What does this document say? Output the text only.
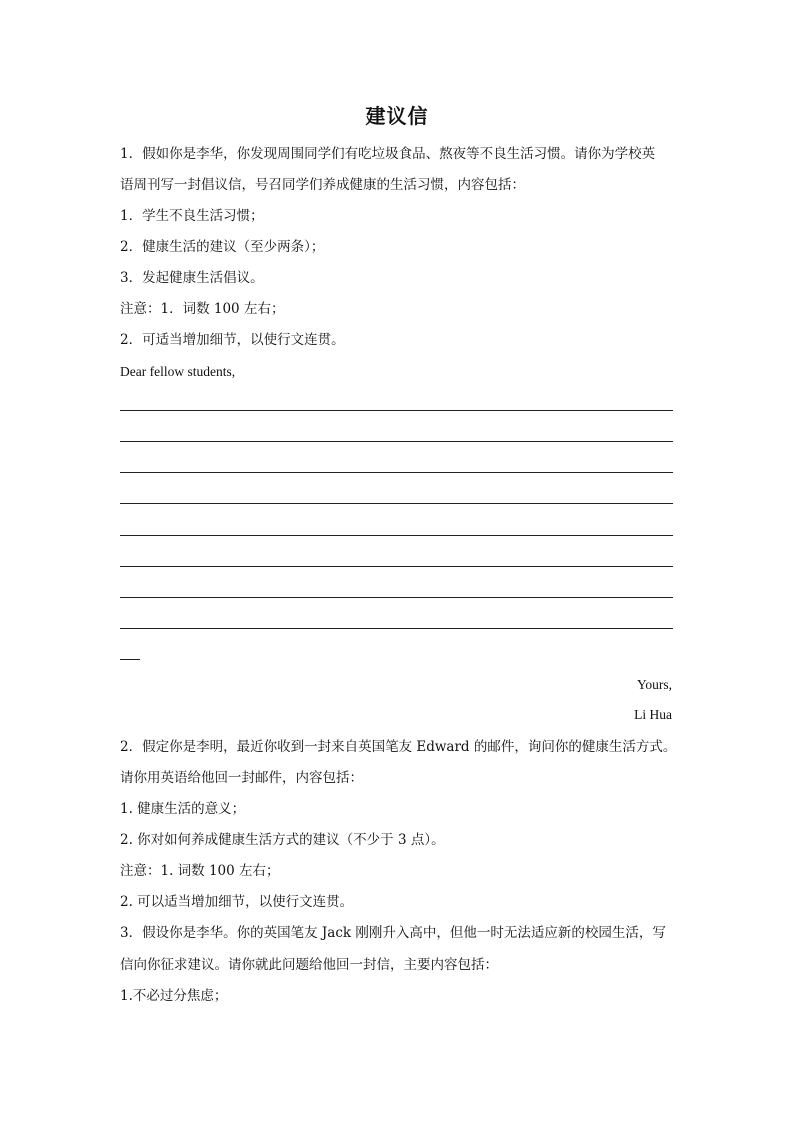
建议信
1．假如你是李华，你发现周围同学们有吃垃圾食品、熬夜等不良生活习惯。请你为学校英
语周刊写一封倡议信，号召同学们养成健康的生活习惯，内容包括：
1．学生不良生活习惯；
2．健康生活的建议（至少两条）；
3．发起健康生活倡议。
注意：1．词数 100 左右；
2．可适当增加细节，以使行文连贯。
Dear fellow students,
Yours,
Li Hua
2．假定你是李明，最近你收到一封来自英国笔友 Edward 的邮件，询问你的健康生活方式。
请你用英语给他回一封邮件，内容包括：
1. 健康生活的意义；
2. 你对如何养成健康生活方式的建议（不少于 3 点）。
注意：1. 词数 100 左右；
2. 可以适当增加细节，以使行文连贯。
3．假设你是李华。你的英国笔友 Jack 刚刚升入高中，但他一时无法适应新的校园生活，写
信向你征求建议。请你就此问题给他回一封信，主要内容包括：
1.不必过分焦虑；
